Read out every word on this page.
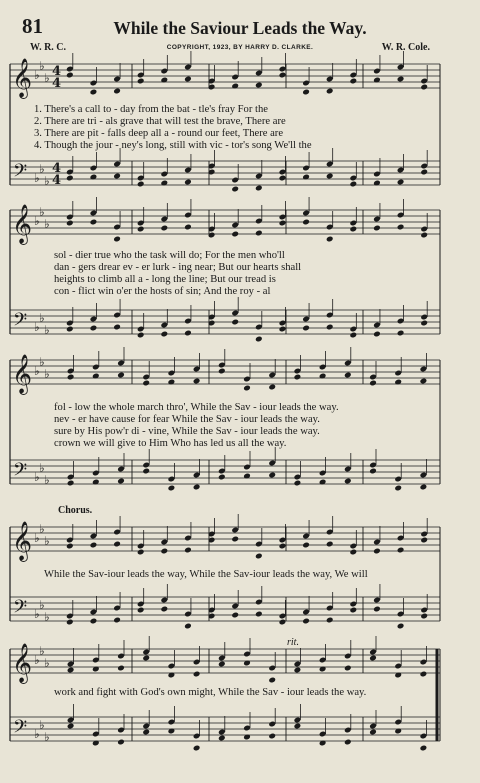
81	While the Saviour Leads the Way.
W. R. C.	COPYRIGHT, 1923, BY HARRY D. CLARKE.	W. R. Cole.
𝄞
𝄢
♭
♭
♭
♭
♭
♭
𝄞
𝄢
♭
♭
♭
♭
♭
♭
𝄞
𝄢
♭
♭
♭
♭
♭
♭
𝄞
𝄢
♭
♭
♭
♭
♭
♭
𝄞
𝄢
♭
♭
♭
♭
♭
♭
4
4
4
4
1. There's a call to - day from the bat - tle's fray For the
2. There are tri - als grave that will test the brave, There are
3. There are pit - falls deep all a - round our feet, There are
4. Though the jour - ney's long, still with vic - tor's song We'll the
sol - dier true who the task will do; For the men who'll
dan - gers drear ev - er lurk - ing near; But our hearts shall
heights to climb all a - long the line; But our tread is
con - flict win o'er the hosts of sin; And the roy - al
fol - low the whole march thro', While the Sav - iour leads the way.
nev - er have cause for fear While the Sav - iour leads the way.
sure by His pow'r di - vine, While the Sav - iour leads the way.
crown we will give to Him Who has led us all the way.
Chorus.
While the Sav-iour leads the way, While the Sav-iour leads the way, We will
rit.
work and fight with God's own might, While the Sav - iour leads the way.
